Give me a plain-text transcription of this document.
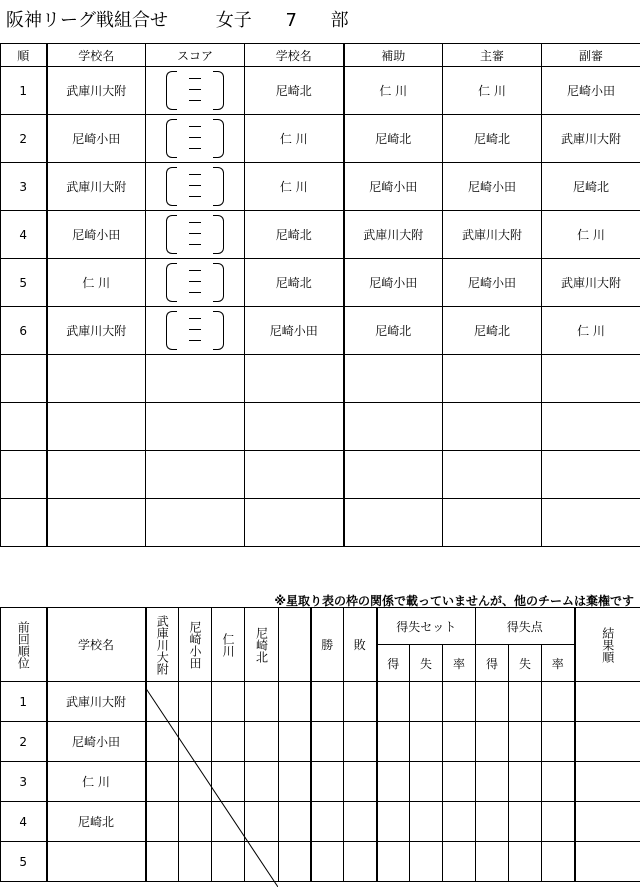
阪神リーグ戦組合せ	女子 7 部
順	学校名	スコア	学校名	補助	主審	副審
1	武庫川大附		尼崎北	仁 川	仁 川	尼崎小田
2	尼崎小田		仁 川	尼崎北	尼崎北	武庫川大附
3	武庫川大附		仁 川	尼崎小田	尼崎小田	尼崎北
4	尼崎小田		尼崎北	武庫川大附	武庫川大附	仁 川
5	仁 川		尼崎北	尼崎小田	尼崎小田	武庫川大附
6	武庫川大附		尼崎小田	尼崎北	尼崎北	仁 川

※星取り表の枠の関係で載っていませんが、他のチームは棄権です
前回順位	学校名	武庫川大附	尼崎小田	仁川	尼崎北		勝	敗	得失セット			得失点			結果順

									得	失	率	得	失	率	
1	武庫川大附														
2	尼崎小田														
3	仁 川														
4	尼崎北														
5															
